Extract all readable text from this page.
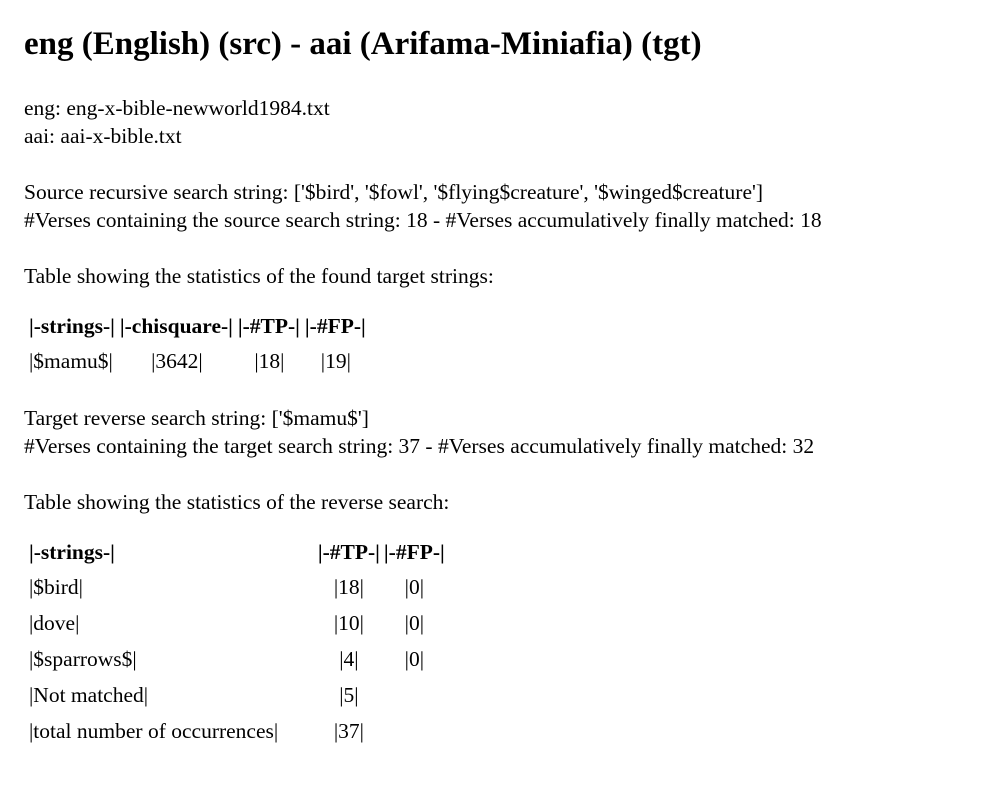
eng (English) (src) - aai (Arifama-Miniafia) (tgt)

eng: eng-x-bible-newworld1984.txt
aai: aai-x-bible.txt

Source recursive search string: ['$bird', '$fowl', '$flying$creature', '$winged$creature']
#Verses containing the source search string: 18 - #Verses accumulatively finally matched: 18

Table showing the statistics of the found target strings:

|-strings-|	|-chisquare-|	|-#TP-|	|-#FP-|
|$mamu$|	|3642|	|18|	|19|

Target reverse search string: ['$mamu$']
#Verses containing the target search string: 37 - #Verses accumulatively finally matched: 32

Table showing the statistics of the reverse search:

|-strings-|	|-#TP-|	|-#FP-|
|$bird|	|18|	|0|
|dove|	|10|	|0|
|$sparrows$|	|4|	|0|
|Not matched|	|5|	
|total number of occurrences|	|37|	
